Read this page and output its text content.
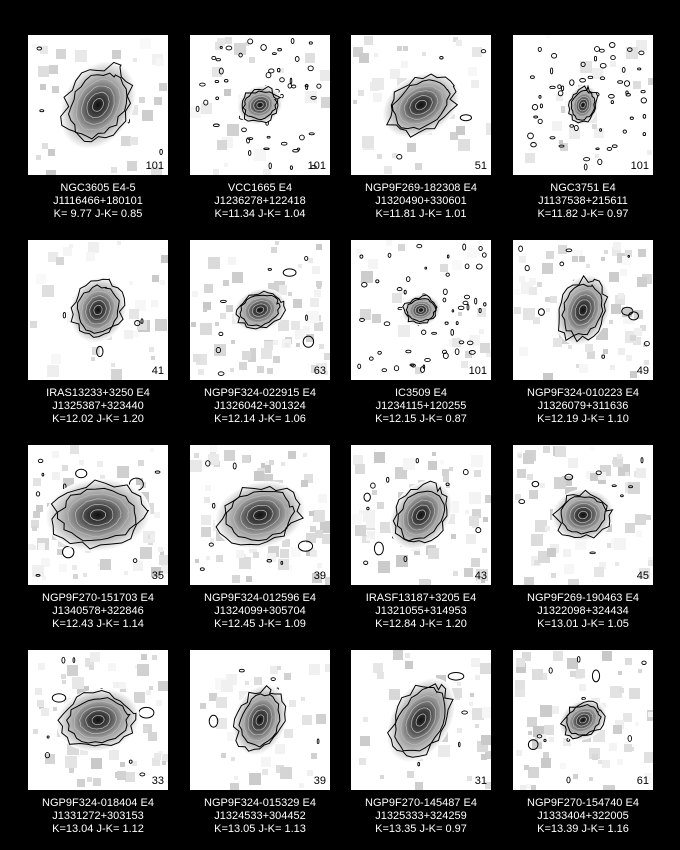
101
NGC3605 E4-5
J1116466+180101
K= 9.77 J-K= 0.85
101
VCC1665 E4
J1236278+122418
K=11.34 J-K= 1.04
51
NGP9F269-182308 E4
J1320490+330601
K=11.81 J-K= 1.01
101
NGC3751 E4
J1137538+215611
K=11.82 J-K= 0.97
41
IRAS13233+3250 E4
J1325387+323440
K=12.02 J-K= 1.20
63
NGP9F324-022915 E4
J1326042+301324
K=12.14 J-K= 1.06
101
IC3509 E4
J1234115+120255
K=12.15 J-K= 0.87
49
NGP9F324-010223 E4
J1326079+311636
K=12.19 J-K= 1.10
35
NGP9F270-151703 E4
J1340578+322846
K=12.43 J-K= 1.14
39
NGP9F324-012596 E4
J1324099+305704
K=12.45 J-K= 1.09
43
IRASF13187+3205 E4
J1321055+314953
K=12.84 J-K= 1.20
45
NGP9F269-190463 E4
J1322098+324434
K=13.01 J-K= 1.05
33
NGP9F324-018404 E4
J1331272+303153
K=13.04 J-K= 1.12
39
NGP9F324-015329 E4
J1324533+304452
K=13.05 J-K= 1.13
31
NGP9F270-145487 E4
J1325333+324259
K=13.35 J-K= 0.97
61
NGP9F270-154740 E4
J1333404+322005
K=13.39 J-K= 1.16
